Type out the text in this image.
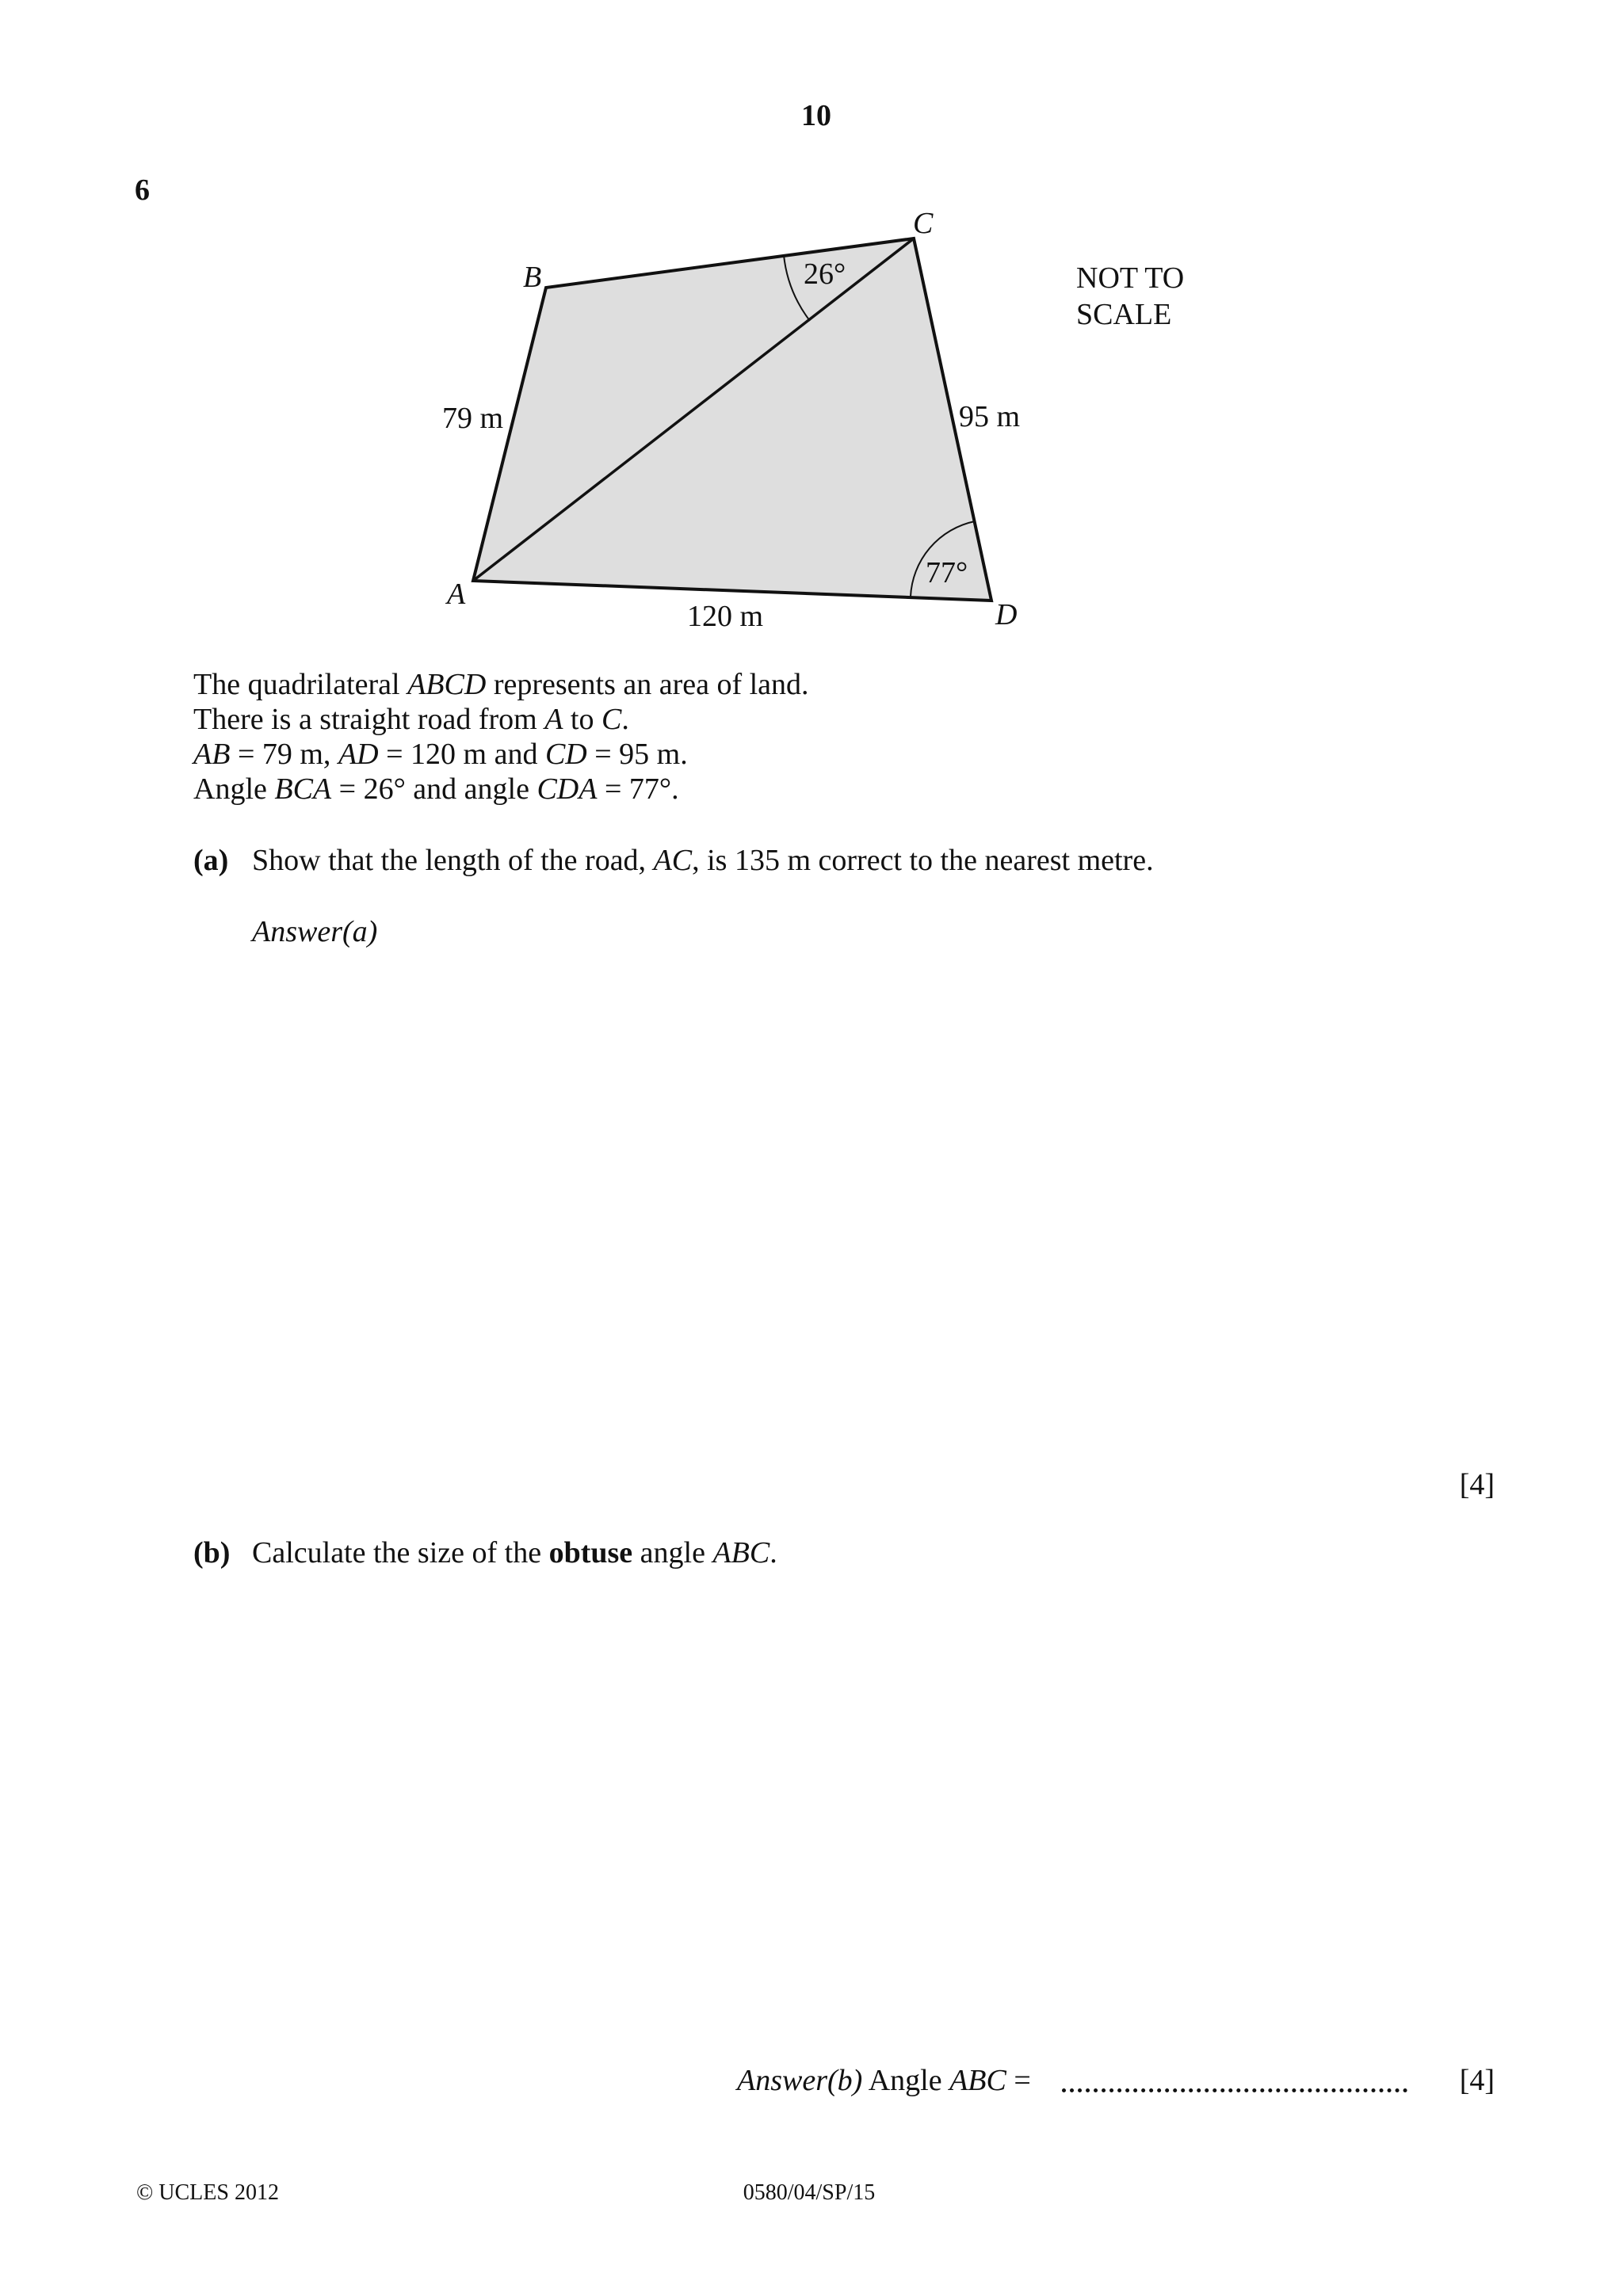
10
6
B
C
A
D
79 m	95 m
120 m
26°
77°
NOT TO
SCALE

The quadrilateral ABCD represents an area of land.

There is a straight road from A to C.

AB = 79 m, AD = 120 m and CD = 95 m.

Angle BCA = 26° and angle CDA = 77°.

(a) Show that the length of the road, AC, is 135 m correct to the nearest metre.
Answer(a)
[4]
(b) Calculate the size of the obtuse angle ABC.
Answer(b) Angle ABC =	[4]
© UCLES 2012	0580/04/SP/15
